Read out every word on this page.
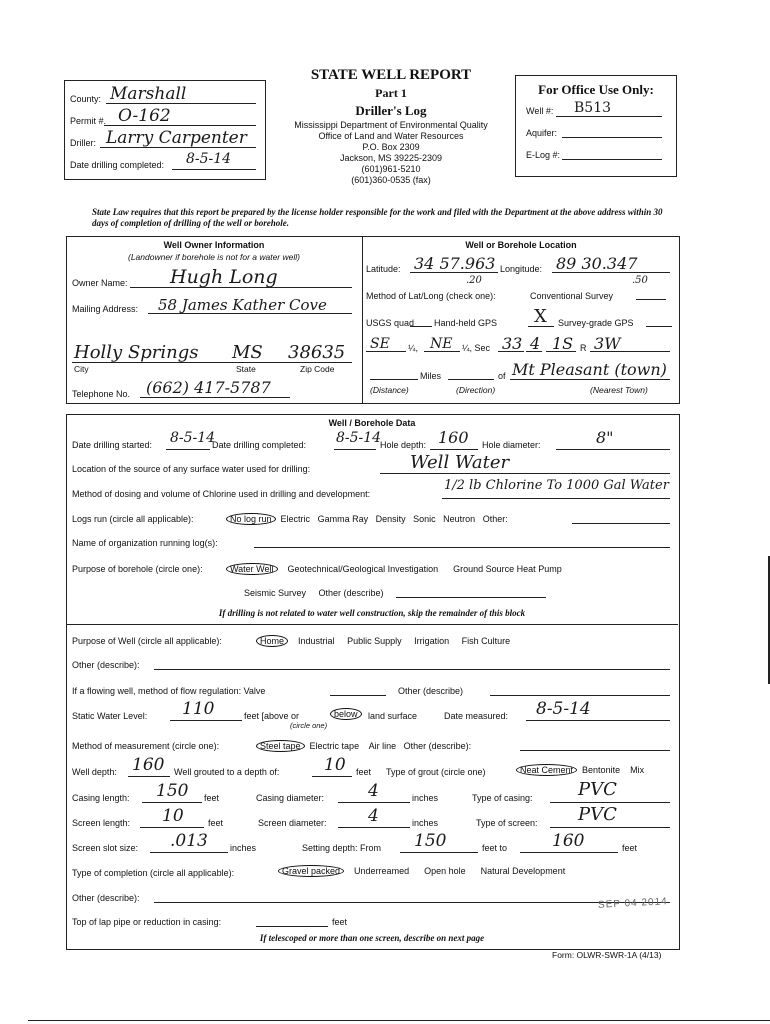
STATE WELL REPORT
Part 1
Driller's Log
Mississippi Department of Environmental Quality
Office of Land and Water Resources
P.O. Box 2309
Jackson, MS 39225-2309
(601)961-5210
(601)360-0535 (fax)
County: Marshall
Permit #. O-162
Driller: Larry Carpenter
Date drilling completed: 8-5-14
For Office Use Only:
Well #: B513
Aquifer:
E-Log #:
State Law requires that this report be prepared by the license holder responsible for the work and filed with the Department at the above address within 30 days of completion of drilling of the well or borehole.
Well Owner Information
(Landowner if borehole is not for a water well)
Owner Name: Hugh Long
Mailing Address: 58 James Kather Cove
Holly Springs MS 38635
City	State	Zip Code
Telephone No. (662) 417-5787
Well or Borehole Location
Latitude: 34 57.963
.20
Longitude: 89 30.347
.50
Method of Lat/Long (check one):	Conventional Survey
USGS quad Hand-held GPS X Survey-grade GPS
SE ¼, NE ¼, Sec 33 4 1S R 3W
Miles	of Mt Pleasant (town)
(Distance)	(Direction)	(Nearest Town)
Well / Borehole Data
Date drilling started: 8-5-14
Date drilling completed: 8-5-14
Hole depth: 160 Hole diameter:	8"
Location of the source of any surface water used for drilling:	Well Water
Method of dosing and volume of Chlorine used in drilling and development:
1/2 lb Chlorine To 1000 Gal Water
Logs run (circle all applicable):	No log run Electric Gamma Ray Density Sonic Neutron Other:
Name of organization running log(s):
Purpose of borehole (circle one):	Water Well Geotechnical/Geological Investigation Ground Source Heat Pump
Seismic Survey Other (describe)
If drilling is not related to water well construction, skip the remainder of this block
Purpose of Well (circle all applicable):	Home Industrial Public Supply Irrigation Fish Culture
Other (describe):
If a flowing well, method of flow regulation: Valve	Other (describe)
Static Water Level: 110	feet [above or	below	land surface
(circle one)
Date measured: 8-5-14
Method of measurement (circle one):	Steel tape Electric tape Air line Other (describe):
Well depth: 160 Well grouted to a depth of:	10 feet Type of grout (circle one)	Neat Cement Bentonite Mix
Casing length: 150 feet	Casing diameter:	4	inches	Type of casing:	PVC
Screen length: 10	feet	Screen diameter: 4	inches	Type of screen: PVC
Screen slot size: .013 inches	Setting depth: From 150	feet to	160	feet
Type of completion (circle all applicable):	Gravel packed Underreamed Open hole Natural Development
Other (describe):
Top of lap pipe or reduction in casing:	feet
If telescoped or more than one screen, describe on next page
SEP 04 2014
Form: OLWR-SWR-1A (4/13)
